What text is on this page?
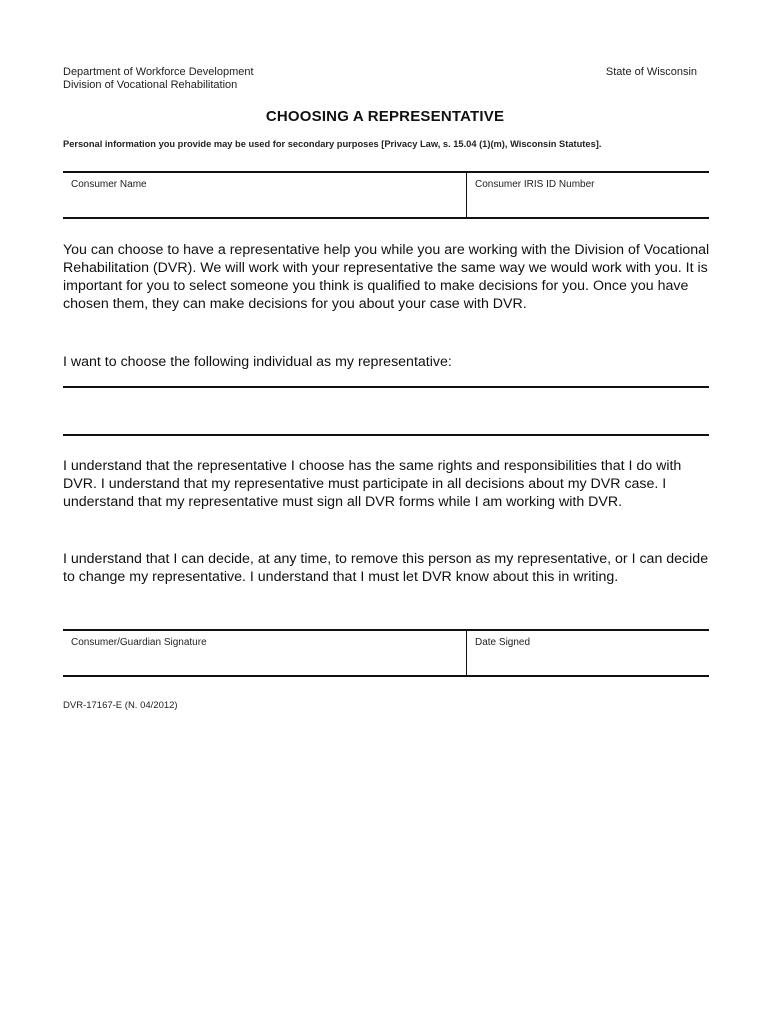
Department of Workforce Development
Division of Vocational Rehabilitation
State of Wisconsin
CHOOSING A REPRESENTATIVE
Personal information you provide may be used for secondary purposes [Privacy Law, s. 15.04 (1)(m), Wisconsin Statutes].
Consumer Name	Consumer IRIS ID Number
You can choose to have a representative help you while you are working with the Division of Vocational Rehabilitation (DVR). We will work with your representative the same way we would work with you. It is important for you to select someone you think is qualified to make decisions for you. Once you have chosen them, they can make decisions for you about your case with DVR.
I want to choose the following individual as my representative:
I understand that the representative I choose has the same rights and responsibilities that I do with DVR. I understand that my representative must participate in all decisions about my DVR case. I understand that my representative must sign all DVR forms while I am working with DVR.
I understand that I can decide, at any time, to remove this person as my representative, or I can decide to change my representative. I understand that I must let DVR know about this in writing.
Consumer/Guardian Signature	Date Signed
DVR-17167-E (N. 04/2012)
